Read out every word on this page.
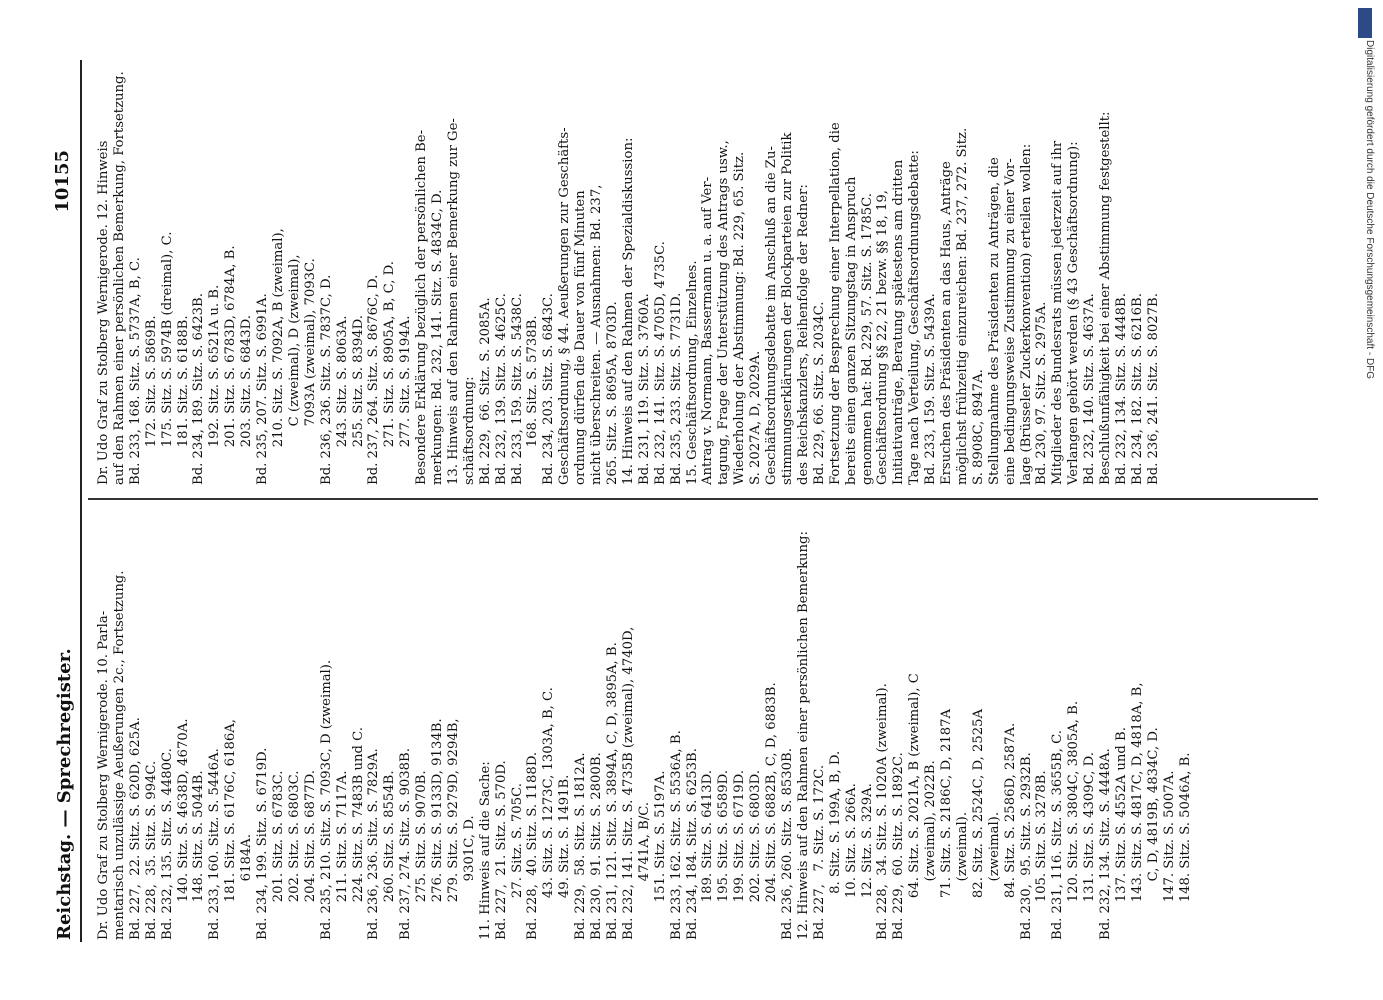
Reichstag. — Sprechregister.
10155
Dr. Udo Graf zu Stolberg Wernigerode. 10. Parla- mentarisch unzulässige Aeußerungen 2c., Fortsetzung. Bd. 227,  22. Sitz. S. 620D, 625A. Bd. 228,  35. Sitz. S. 994C. Bd. 232, 135. Sitz. S. 4480C. 140. Sitz. S. 4638D, 4670A. 148. Sitz. S. 5044B. Bd. 233, 160. Sitz. S. 5446A. 181. Sitz. S. 6176C, 6186A, 6184A. Bd. 234, 199. Sitz. S. 6719D. 201. Sitz. S. 6783C. 202. Sitz. S. 6803C. 204. Sitz. S. 6877D. Bd. 235, 210. Sitz. S. 7093C, D (zweimal). 211. Sitz. S. 7117A. 224. Sitz. S. 7483B und C. Bd. 236, 236. Sitz. S. 7829A. 260. Sitz. S. 8554B. Bd. 237, 274. Sitz. S. 9038B. 275. Sitz. S. 9070B. 276. Sitz. S. 9133D, 9134B. 279. Sitz. S. 9279D, 9294B, 9301C, D. 11. Hinweis auf die Sache: Bd. 227,  21. Sitz. S. 570D. 27. Sitz. S. 705C. Bd. 228,  40. Sitz. S. 1188D. 43. Sitz. S. 1273C, 1303A, B, C. 49. Sitz. S. 1491B. Bd. 229,  58. Sitz. S. 1812A. Bd. 230,  91. Sitz. S. 2800B. Bd. 231, 121. Sitz. S. 3894A, C, D, 3895A, B. Bd. 232, 141. Sitz. S. 4735B (zweimal), 4740D, 4741A, B/C. 151. Sitz. S. 5197A. Bd. 233, 162. Sitz. S. 5536A, B. Bd. 234, 184. Sitz. S. 6253B. 189. Sitz. S. 6413D. 195. Sitz. S. 6589D. 199. Sitz. S. 6719D. 202. Sitz. S. 6803D. 204. Sitz. S. 6882B, C, D, 6883B. Bd. 236, 260. Sitz. S. 8530B. 12. Hinweis auf den Rahmen einer persönlichen Bemerkung: Bd. 227,   7. Sitz. S. 172C. 8. Sitz. S. 199A, B, D. 10. Sitz. S. 266A. 12. Sitz. S. 329A. Bd. 228,  34. Sitz. S. 1020A (zweimal). Bd. 229,  60. Sitz. S. 1892C. 64. Sitz. S. 2021A, B (zweimal), C (zweimal), 2022B. 71. Sitz. S. 2186C, D, 2187A (zweimal). 82. Sitz. S. 2524C, D, 2525A (zweimal). 84. Sitz. S. 2586D, 2587A. Bd. 230,  95. Sitz. S. 2932B. 105. Sitz. S. 3278B. Bd. 231, 116. Sitz. S. 3655B, C. 120. Sitz. S. 3804C, 3805A, B. 131. Sitz. S. 4309C, D. Bd. 232, 134. Sitz. S. 4448A. 137. Sitz. S. 4552A und B. 143. Sitz. S. 4817C, D, 4818A, B, C, D, 4819B, 4834C, D. 147. Sitz. S. 5007A. 148. Sitz. S. 5046A, B.
Dr. Udo Graf zu Stolberg Wernigerode. 12. Hinweis auf den Rahmen einer persönlichen Bemerkung, Fortsetzung. Bd. 233, 168. Sitz. S. 5737A, B, C. 172. Sitz. S. 5869B. 175. Sitz. S. 5974B (dreimal), C. 181. Sitz. S. 6188B. Bd. 234, 189. Sitz. S. 6423B. 192. Sitz. S. 6521A u. B. 201. Sitz. S. 6783D, 6784A, B. 203. Sitz. S. 6843D. Bd. 235, 207. Sitz. S. 6991A. 210. Sitz. S. 7092A, B (zweimal), C (zweimal), D (zweimal), 7093A (zweimal), 7093C. Bd. 236, 236. Sitz. S. 7837C, D. 243. Sitz. S. 8063A. 255. Sitz. S. 8394D. Bd. 237, 264. Sitz. S. 8676C, D. 271. Sitz. S. 8905A, B, C, D. 277. Sitz. S. 9194A. Besondere Erklärung bezüglich der persönlichen Be- merkungen: Bd. 232, 141. Sitz. S. 4834C, D. 13. Hinweis auf den Rahmen einer Bemerkung zur Ge- schäftsordnung: Bd. 229,  66. Sitz. S. 2085A. Bd. 232, 139. Sitz. S. 4625C. Bd. 233, 159. Sitz. S. 5438C. 168. Sitz. S. 5738B. Bd. 234, 203. Sitz. S. 6843C. Geschäftsordnung, § 44. Aeußerungen zur Geschäfts- ordnung dürfen die Dauer von fünf Minuten nicht überschreiten. — Ausnahmen: Bd. 237, 265. Sitz. S. 8695A, 8703D. 14. Hinweis auf den Rahmen der Spezialdiskussion: Bd. 231, 119. Sitz. S. 3760A. Bd. 232, 141. Sitz. S. 4705D, 4735C. Bd. 235, 233. Sitz. S. 7731D. 15. Geschäftsordnung, Einzelnes. Antrag v. Normann, Bassermann u. a. auf Ver- tagung, Frage der Unterstützung des Antrags usw., Wiederholung der Abstimmung: Bd. 229, 65. Sitz. S. 2027A, D, 2029A. Geschäftsordnungsdebatte im Anschluß an die Zu- stimmungserklärungen der Blockparteien zur Politik des Reichskanzlers, Reihenfolge der Redner: Bd. 229, 66. Sitz. S. 2034C. Fortsetzung der Besprechung einer Interpellation, die bereits einen ganzen Sitzungstag in Anspruch genommen hat: Bd. 229, 57. Sitz. S. 1785C. Geschäftsordnung §§ 22, 21 bezw. §§ 18, 19, Initiativanträge, Beratung spätestens am dritten Tage nach Verteilung, Geschäftsordnungsdebatte: Bd. 233, 159. Sitz. S. 5439A. Ersuchen des Präsidenten an das Haus, Anträge möglichst frühzeitig einzureichen: Bd. 237, 272. Sitz. S. 8908C, 8947A. Stellungnahme des Präsidenten zu Anträgen, die eine bedingungsweise Zustimmung zu einer Vor- lage (Brüsseler Zuckerkonvention) erteilen wollen: Bd. 230, 97. Sitz. S. 2975A. Mitglieder des Bundesrats müssen jederzeit auf ihr Verlangen gehört werden (§ 43 Geschäftsordnung): Bd. 232, 140. Sitz. S. 4637A. Beschlußunfähigkeit bei einer Abstimmung festgestellt: Bd. 232, 134. Sitz. S. 4448B. Bd. 234, 182. Sitz. S. 6216B. Bd. 236, 241. Sitz. S. 8027B.
Digitalisierung gefördert durch die Deutsche Forschungsgemeinschaft - DFG
